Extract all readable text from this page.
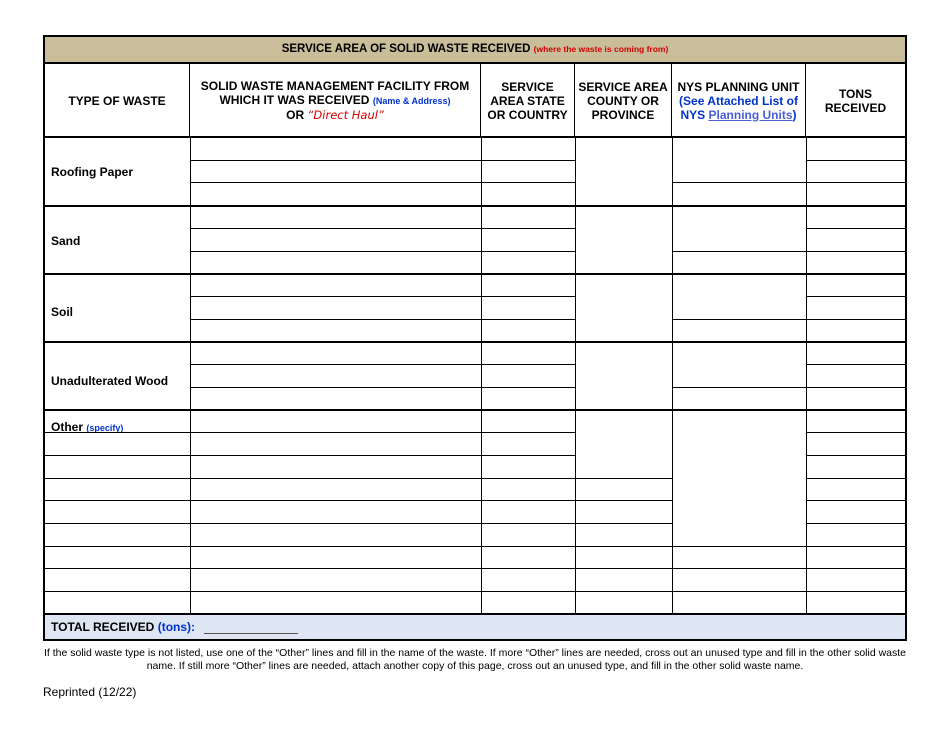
SERVICE AREA OF SOLID WASTE RECEIVED (where the waste is coming from)
TYPE OF WASTE
SOLID WASTE MANAGEMENT FACILITY FROM WHICH IT WAS RECEIVED (Name & Address)
OR “Direct Haul”
SERVICE AREA STATE OR COUNTRY
SERVICE AREA COUNTY OR PROVINCE
NYS PLANNING UNIT
(See Attached List of NYS Planning Units)
TONS RECEIVED
Roofing Paper
Sand
Soil
Unadulterated Wood
Other (specify)
TOTAL RECEIVED (tons):
If the solid waste type is not listed, use one of the “Other” lines and fill in the name of the waste. If more “Other” lines are needed, cross out an unused type and fill in the other solid waste name. If still more “Other” lines are needed, attach another copy of this page, cross out an unused type, and fill in the other solid waste name.
Reprinted (12/22)
